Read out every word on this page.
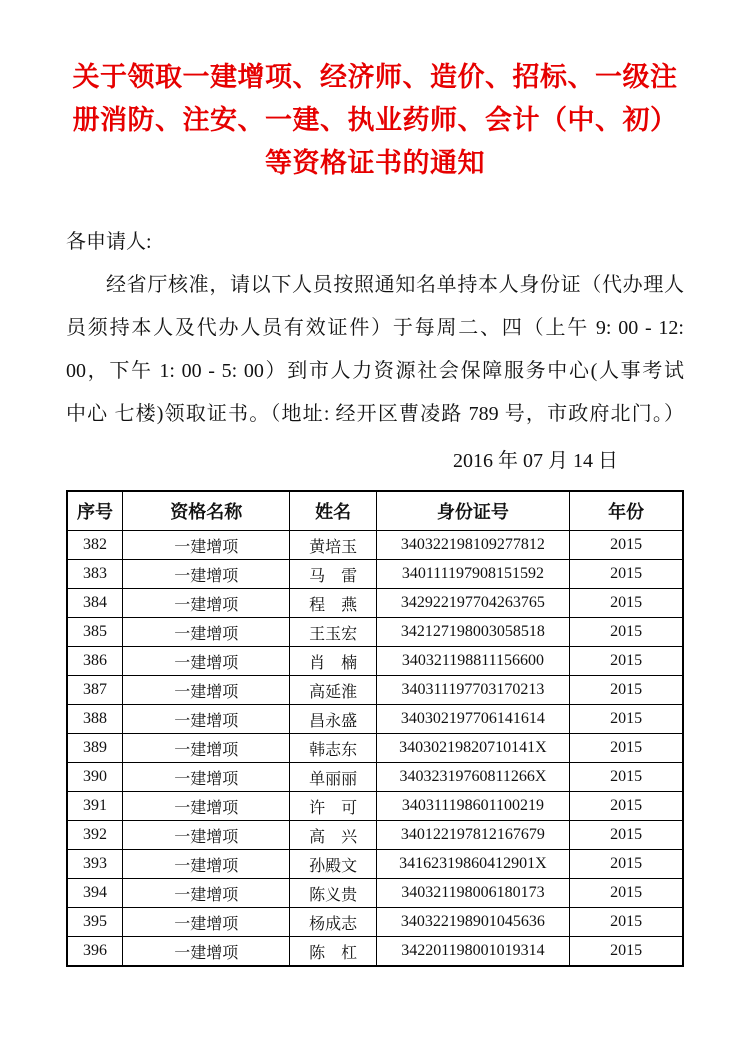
关于领取一建增项、经济师、造价、招标、一级注
册消防、注安、一建、执业药师、会计（中、初）
等资格证书的通知
各申请人:
经省厅核准，请以下人员按照通知名单持本人身份证（代办理人
员须持本人及代办人员有效证件）于每周二、四（上午 9: 00 - 12:
00，下午 1: 00 - 5: 00）到市人力资源社会保障服务中心(人事考试
中心 七楼)领取证书。（地址: 经开区曹凌路 789 号，市政府北门。）
2016 年 07 月 14 日
序号	资格名称	姓名	身份证号	年份
382	一建增项	黄培玉	340322198109277812	2015
383	一建增项	马　雷	340111197908151592	2015
384	一建增项	程　燕	342922197704263765	2015
385	一建增项	王玉宏	342127198003058518	2015
386	一建增项	肖　楠	340321198811156600	2015
387	一建增项	高延淮	340311197703170213	2015
388	一建增项	昌永盛	340302197706141614	2015
389	一建增项	韩志东	34030219820710141X	2015
390	一建增项	单丽丽	34032319760811266X	2015
391	一建增项	许　可	340311198601100219	2015
392	一建增项	高　兴	340122197812167679	2015
393	一建增项	孙殿文	34162319860412901X	2015
394	一建增项	陈义贵	340321198006180173	2015
395	一建增项	杨成志	340322198901045636	2015
396	一建增项	陈　杠	342201198001019314	2015
